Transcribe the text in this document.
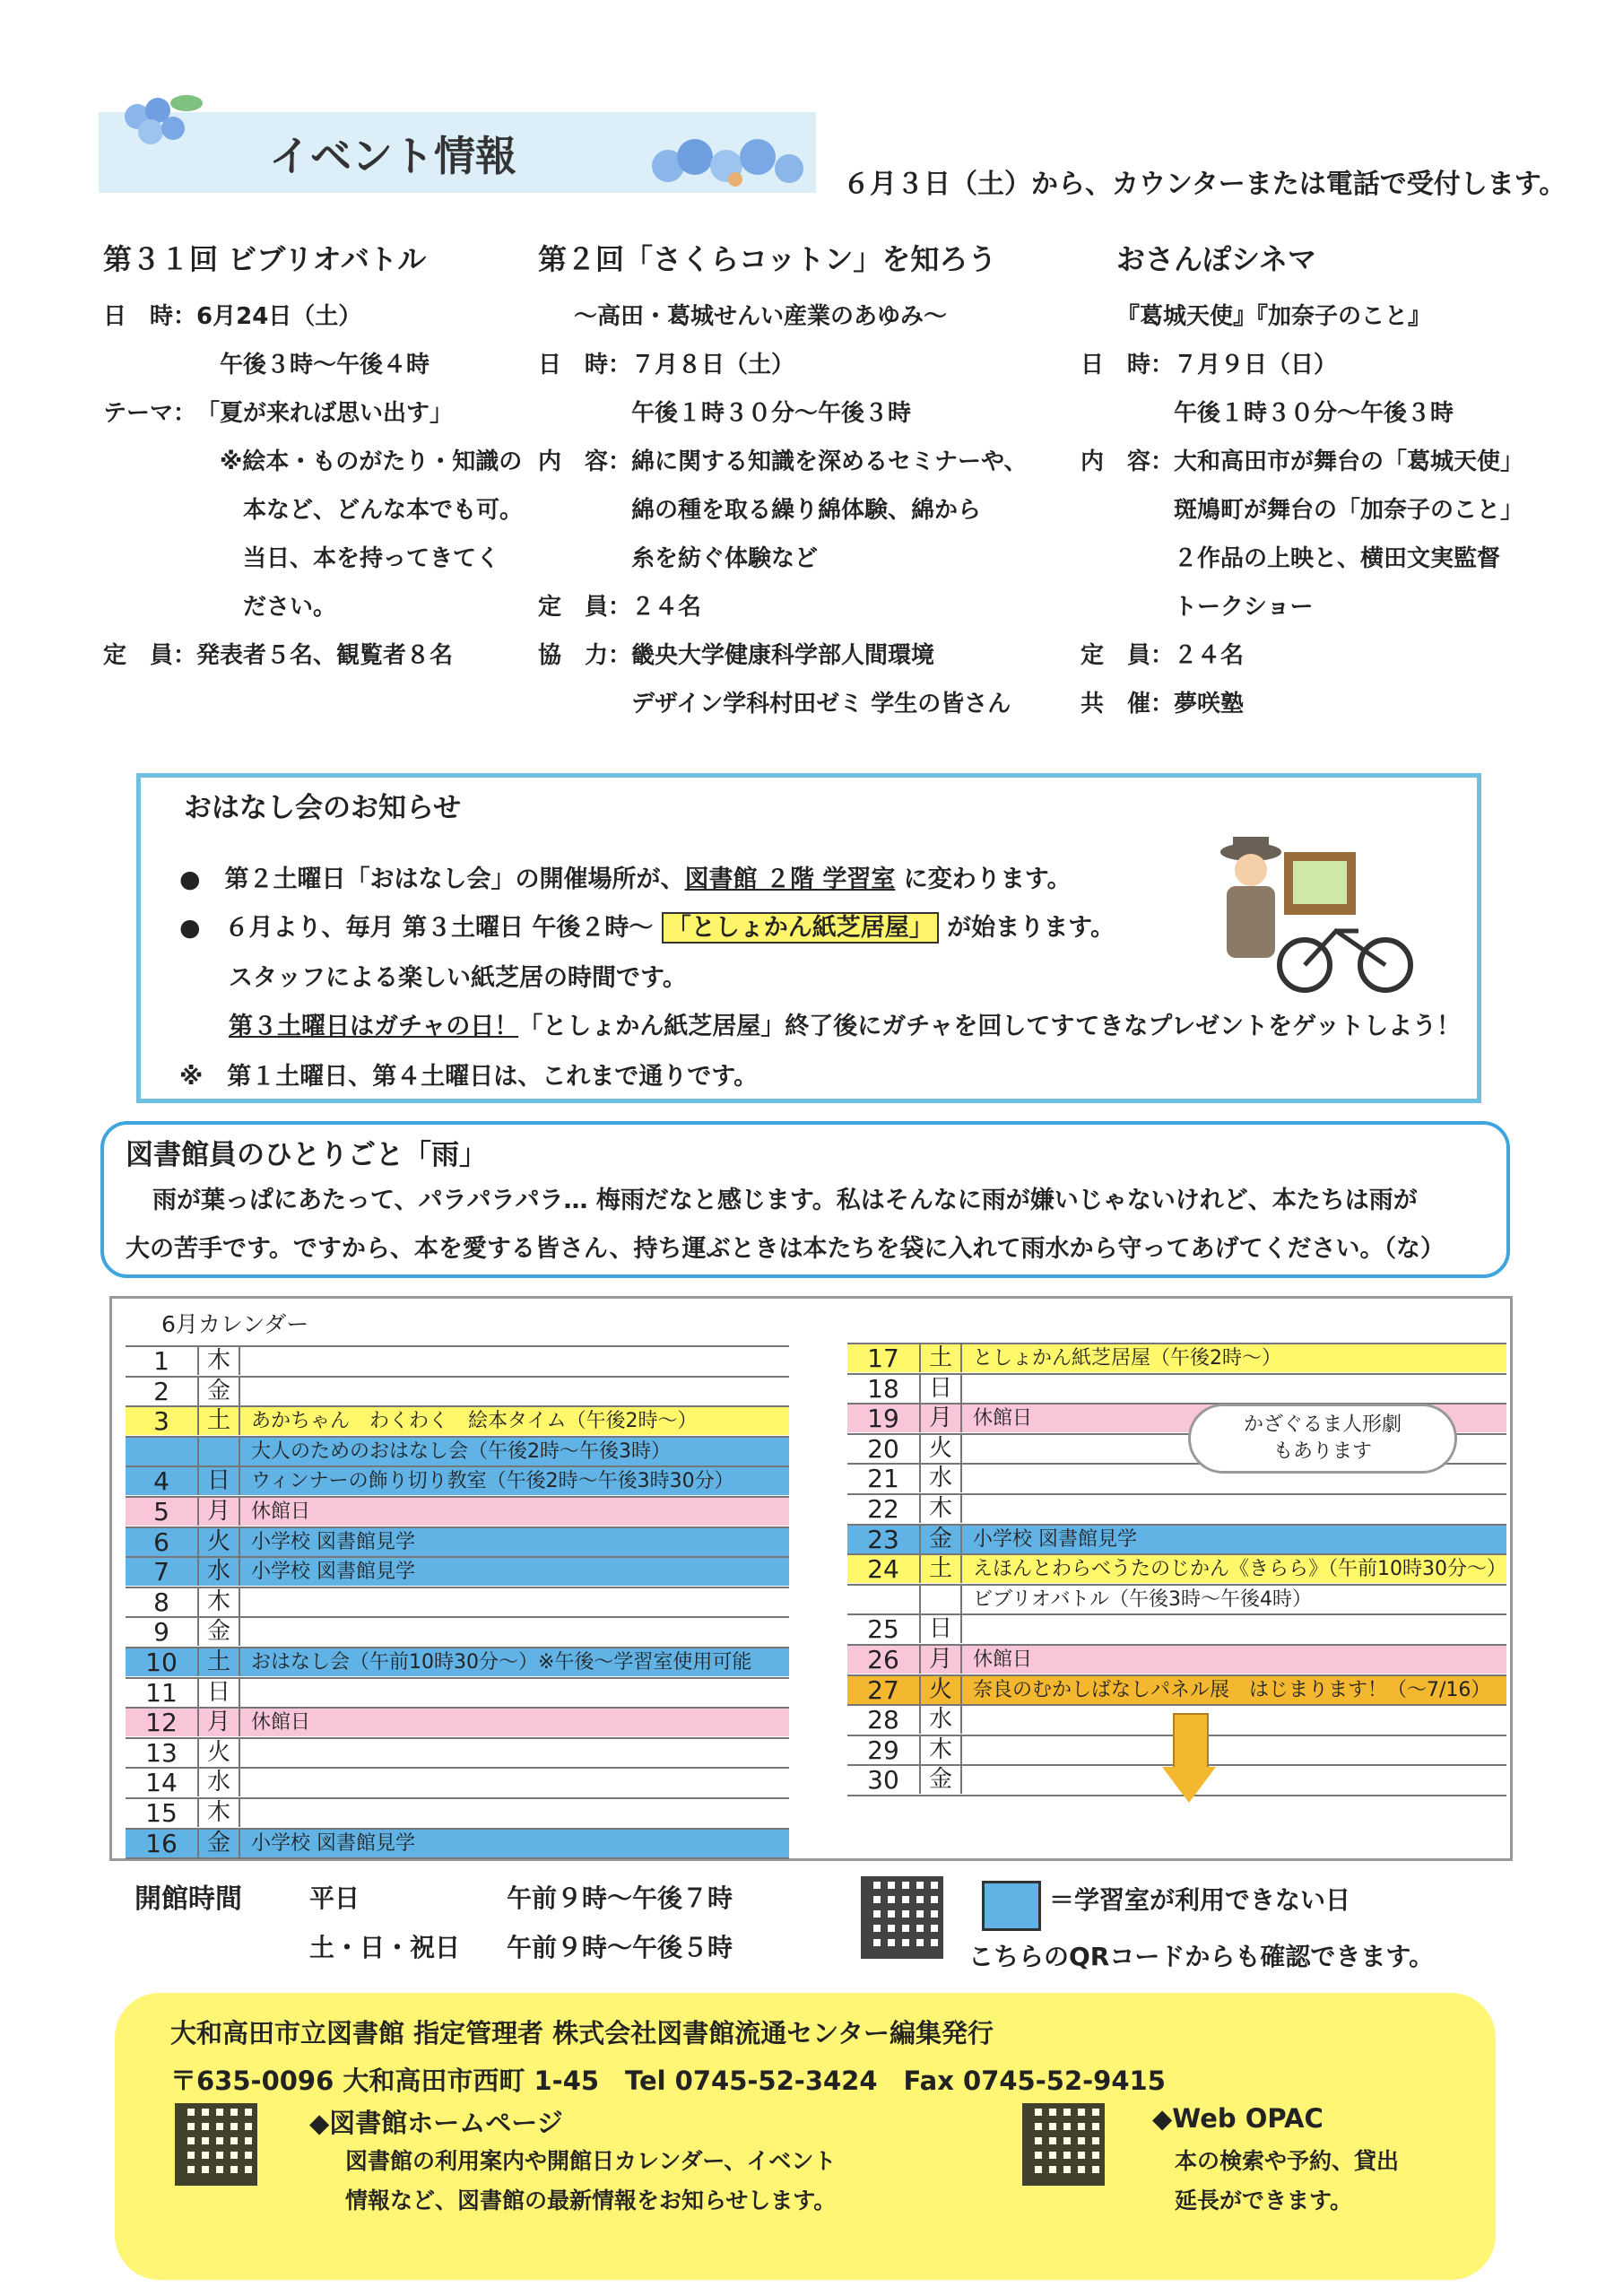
イベント情報
６月３日（土）から、カウンターまたは電話で受付します。
第３１回 ビブリオバトル
日　時： 6月24日（土）
　午後３時～午後４時
テーマ： 「夏が来れば思い出す」
　※絵本・ものがたり・知識の
　　本など、どんな本でも可。
　　当日、本を持ってきてく
　　ださい。
定　員： 発表者５名、観覧者８名
第２回「さくらコットン」を知ろう
～高田・葛城せんい産業のあゆみ～
日　時： ７月８日（土）
午後１時３０分～午後３時
内　容： 綿に関する知識を深めるセミナーや、
綿の種を取る繰り綿体験、綿から
糸を紡ぐ体験など
定　員： ２４名
協　力： 畿央大学健康科学部人間環境
デザイン学科村田ゼミ 学生の皆さん
おさんぽシネマ
『葛城天使』『加奈子のこと』
日　時： ７月９日（日）
午後１時３０分～午後３時
内　容： 大和高田市が舞台の「葛城天使」
斑鳩町が舞台の「加奈子のこと」
２作品の上映と、横田文実監督
トークショー
定　員： ２４名
共　催： 夢咲塾
おはなし会のお知らせ
●　第２土曜日「おはなし会」の開催場所が、図書館 ２階 学習室 に変わります。
●　６月より、毎月 第３土曜日 午後２時～ 「としょかん紙芝居屋」 が始まります。
スタッフによる楽しい紙芝居の時間です。
第３土曜日はガチャの日！「としょかん紙芝居屋」終了後にガチャを回してすてきなプレゼントをゲットしよう！
※　第１土曜日、第４土曜日は、これまで通りです。
図書館員のひとりごと「雨」
雨が葉っぱにあたって、パラパラパラ… 梅雨だなと感じます。私はそんなに雨が嫌いじゃないけれど、本たちは雨が
大の苦手です。ですから、本を愛する皆さん、持ち運ぶときは本たちを袋に入れて雨水から守ってあげてください。（な）
6月カレンダー
1	木
2	金
3	土	あかちゃん　わくわく　絵本タイム（午後2時～）
大人のためのおはなし会（午後2時～午後3時）
4	日	ウィンナーの飾り切り教室（午後2時～午後3時30分）
5	月	休館日
6	火	小学校 図書館見学
7	水	小学校 図書館見学
8	木
9	金
10	土	おはなし会（午前10時30分～）※午後～学習室使用可能
11	日
12	月	休館日
13	火
14	水
15	木
16	金	小学校 図書館見学
17	土	としょかん紙芝居屋（午後2時～）
18	日
19	月	休館日
20	火
21	水
22	木
23	金	小学校 図書館見学
24	土	えほんとわらべうたのじかん《きらら》（午前10時30分～）
ビブリオバトル（午後3時～午後4時）
25	日
26	月	休館日
27	火	奈良のむかしばなしパネル展　はじまります！（～7/16）
28	水
29	木
30	金
かざぐるま人形劇
もあります
開館時間	平日	午前９時～午後７時
土・日・祝日 午前９時～午後５時
＝学習室が利用できない日
こちらのQRコードからも確認できます。
大和高田市立図書館 指定管理者 株式会社図書館流通センター編集発行
〒635-0096 大和高田市西町 1-45　Tel 0745-52-3424　Fax 0745-52-9415
◆図書館ホームページ
図書館の利用案内や開館日カレンダー、イベント
情報など、図書館の最新情報をお知らせします。
◆Web OPAC
本の検索や予約、貸出
延長ができます。
